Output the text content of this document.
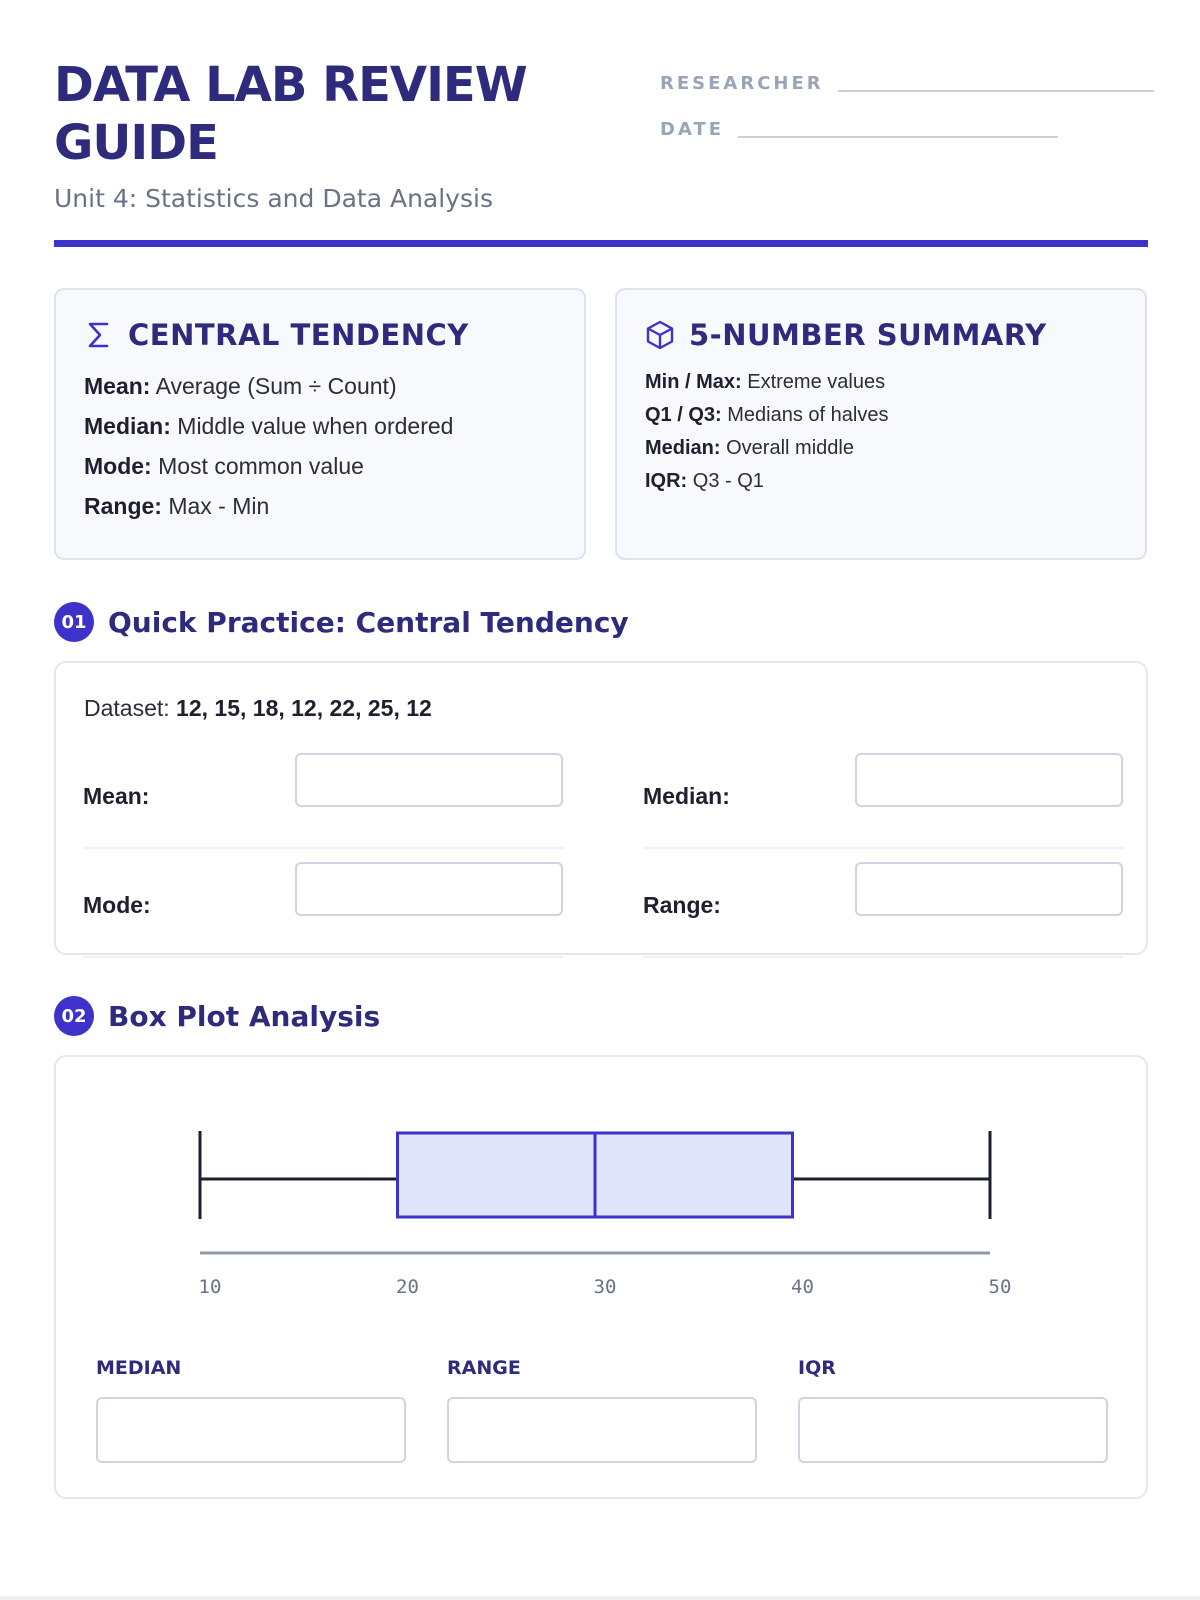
DATA LAB REVIEW GUIDE
Unit 4: Statistics and Data Analysis
RESEARCHER
DATE
CENTRAL TENDENCY
Mean: Average (Sum ÷ Count)
Median: Middle value when ordered
Mode: Most common value
Range: Max - Min
5-NUMBER SUMMARY
Min / Max: Extreme values
Q1 / Q3: Medians of halves
Median: Overall middle
IQR: Q3 - Q1
01 Quick Practice: Central Tendency
Dataset: 12, 15, 18, 12, 22, 25, 12
Mean:	Median:
Mode:	Range:
02 Box Plot Analysis
10	20	30	40	50
MEDIAN	RANGE	IQR
